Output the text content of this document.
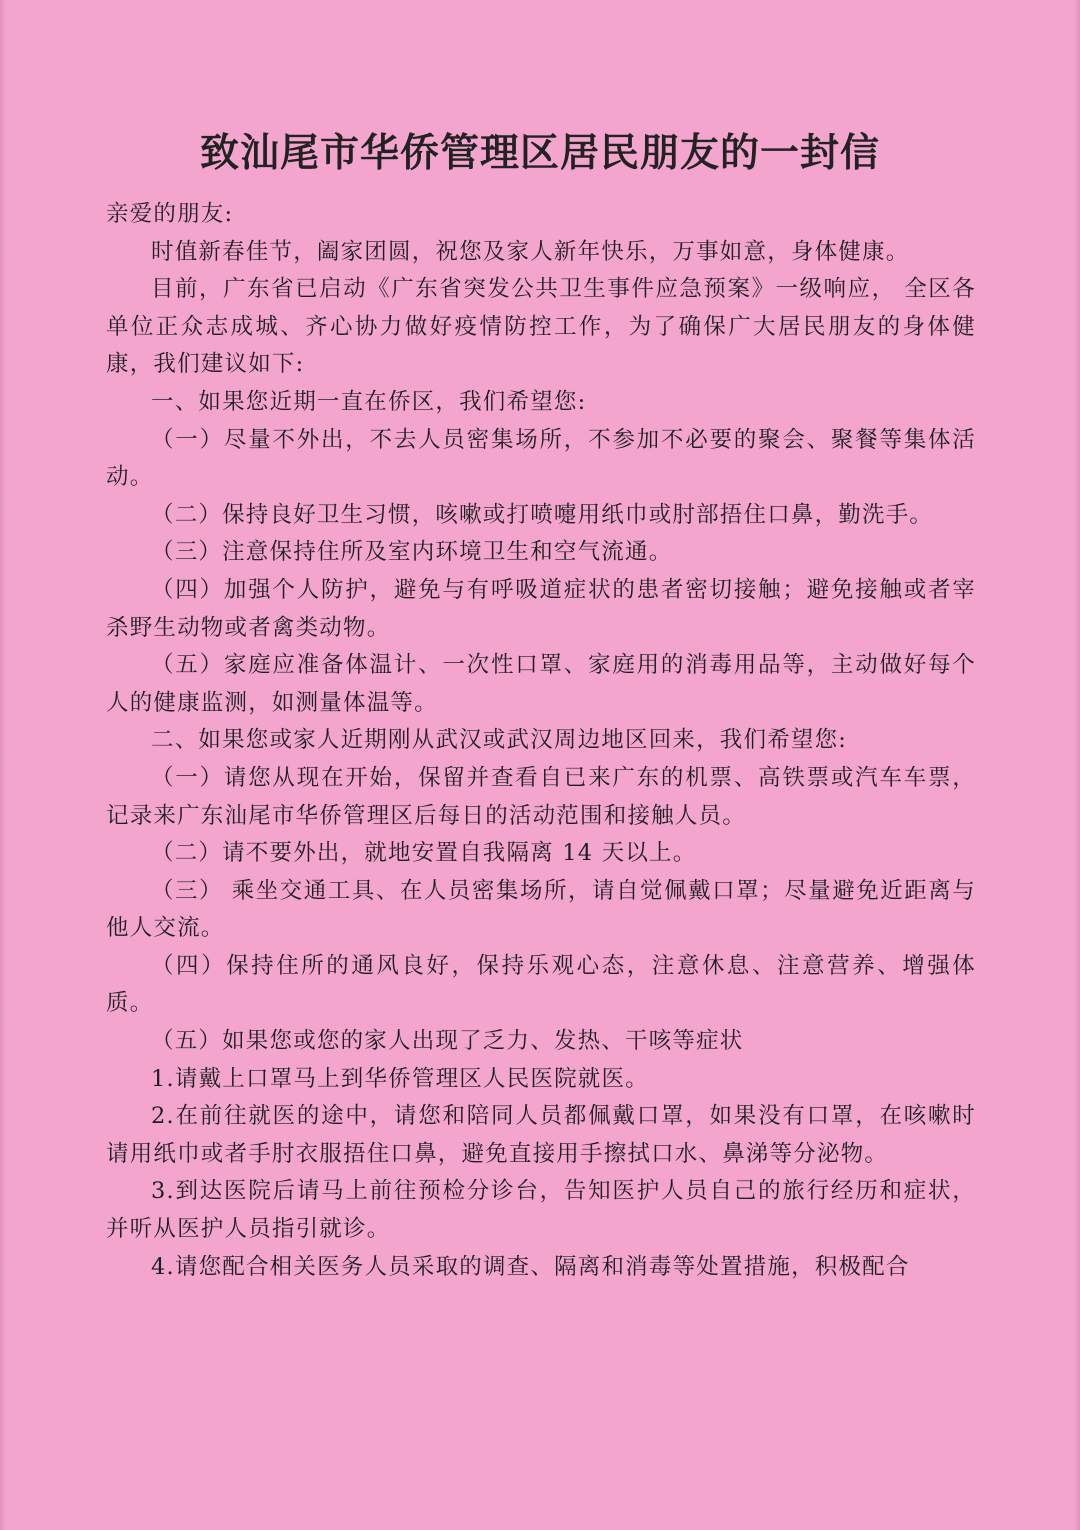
致汕尾市华侨管理区居民朋友的一封信

亲爱的朋友:

时值新春佳节，阖家团圆，祝您及家人新年快乐，万事如意，身体健康。

目前，广东省已启动《广东省突发公共卫生事件应急预案》一级响应， 全区各单位正众志成城、齐心协力做好疫情防控工作，为了确保广大居民朋友的身体健康，我们建议如下:

一、如果您近期一直在侨区，我们希望您:

（一）尽量不外出，不去人员密集场所，不参加不必要的聚会、聚餐等集体活动。

（二）保持良好卫生习惯，咳嗽或打喷嚏用纸巾或肘部捂住口鼻，勤洗手。

（三）注意保持住所及室内环境卫生和空气流通。

（四）加强个人防护，避免与有呼吸道症状的患者密切接触；避免接触或者宰杀野生动物或者禽类动物。

（五）家庭应准备体温计、一次性口罩、家庭用的消毒用品等，主动做好每个人的健康监测，如测量体温等。

二、如果您或家人近期刚从武汉或武汉周边地区回来，我们希望您:

（一）请您从现在开始，保留并查看自已来广东的机票、高铁票或汽车车票，记录来广东汕尾市华侨管理区后每日的活动范围和接触人员。

（二）请不要外出，就地安置自我隔离 14 天以上。

（三） 乘坐交通工具、在人员密集场所，请自觉佩戴口罩；尽量避免近距离与他人交流。

（四）保持住所的通风良好，保持乐观心态，注意休息、注意营养、增强体质。

（五）如果您或您的家人出现了乏力、发热、干咳等症状

1.请戴上口罩马上到华侨管理区人民医院就医。

2.在前往就医的途中，请您和陪同人员都佩戴口罩，如果没有口罩，在咳嗽时请用纸巾或者手肘衣服捂住口鼻，避免直接用手擦拭口水、鼻涕等分泌物。

3.到达医院后请马上前往预检分诊台，告知医护人员自己的旅行经历和症状，并听从医护人员指引就诊。

4.请您配合相关医务人员采取的调查、隔离和消毒等处置措施，积极配合
